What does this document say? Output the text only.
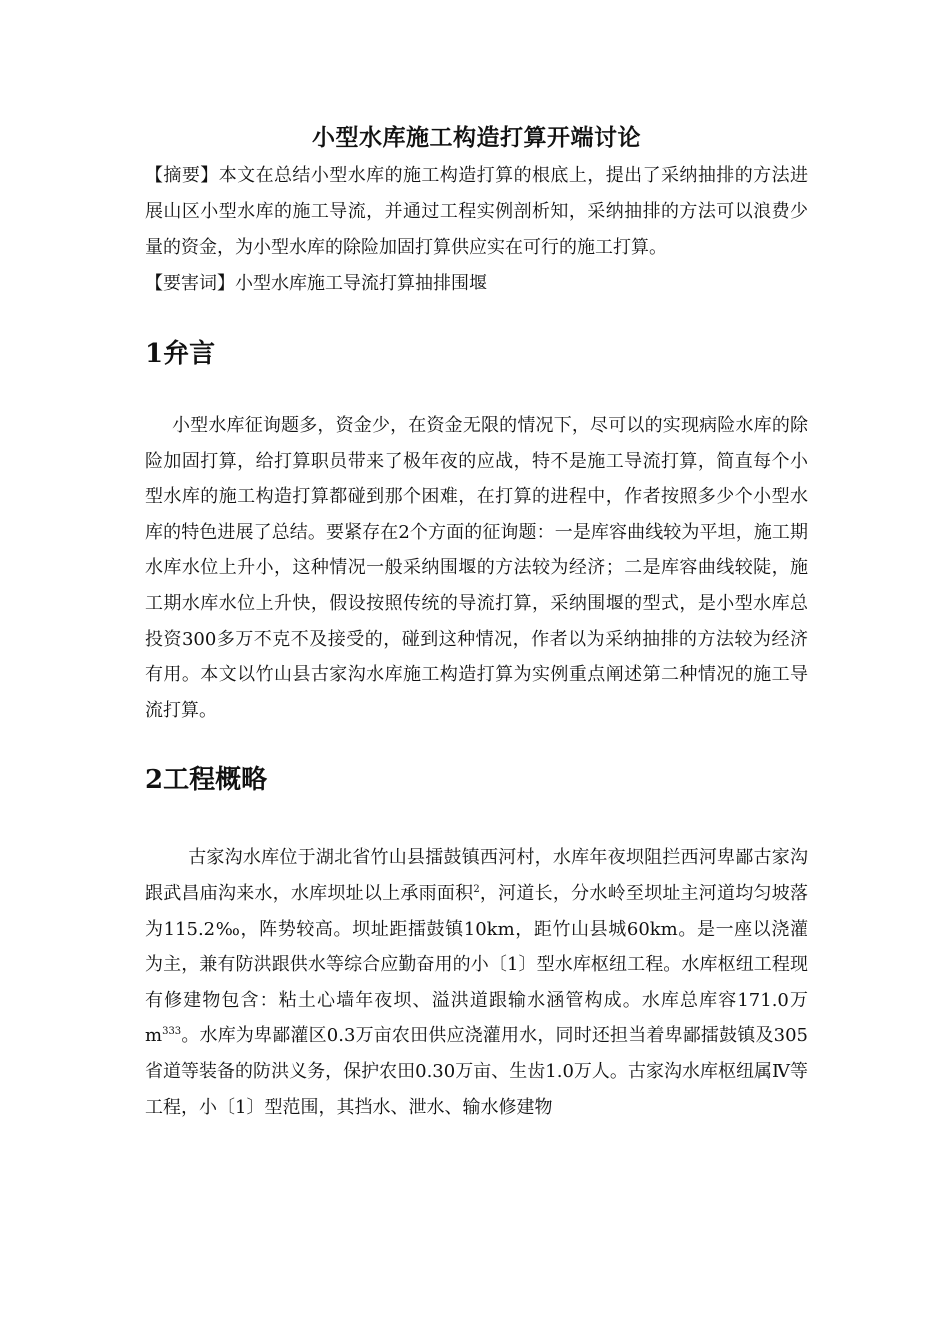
小型水库施工构造打算开端讨论

【摘要】本文在总结小型水库的施工构造打算的根底上，提出了采纳抽排的方法进展山区小型水库的施工导流，并通过工程实例剖析知，采纳抽排的方法可以浪费少量的资金，为小型水库的除险加固打算供应实在可行的施工打算。

【要害词】小型水库施工导流打算抽排围堰

1弁言

小型水库征询题多，资金少，在资金无限的情况下，尽可以的实现病险水库的除险加固打算，给打算职员带来了极年夜的应战，特不是施工导流打算，简直每个小型水库的施工构造打算都碰到那个困难，在打算的进程中，作者按照多少个小型水库的特色进展了总结。要紧存在2个方面的征询题：一是库容曲线较为平坦，施工期水库水位上升小，这种情况一般采纳围堰的方法较为经济；二是库容曲线较陡，施工期水库水位上升快，假设按照传统的导流打算，采纳围堰的型式，是小型水库总投资300多万不克不及接受的，碰到这种情况，作者以为采纳抽排的方法较为经济有用。本文以竹山县古家沟水库施工构造打算为实例重点阐述第二种情况的施工导流打算。

2工程概略

古家沟水库位于湖北省竹山县擂鼓镇西河村，水库年夜坝阻拦西河卑鄙古家沟跟武昌庙沟来水，水库坝址以上承雨面积$^2$，河道长，分水岭至坝址主河道均匀坡落为115.2‰，阵势较高。坝址距擂鼓镇10km，距竹山县城60km。是一座以浇灌为主，兼有防洪跟供水等综合应勤奋用的小〔1〕型水库枢纽工程。水库枢纽工程现有修建物包含：粘土心墙年夜坝、溢洪道跟输水涵管构成。水库总库容171.0万$m^{333}$。水库为卑鄙灌区0.3万亩农田供应浇灌用水，同时还担当着卑鄙擂鼓镇及305省道等装备的防洪义务，保护农田0.30万亩、生齿1.0万人。古家沟水库枢纽属Ⅳ等工程，小〔1〕型范围，其挡水、泄水、输水修建物
